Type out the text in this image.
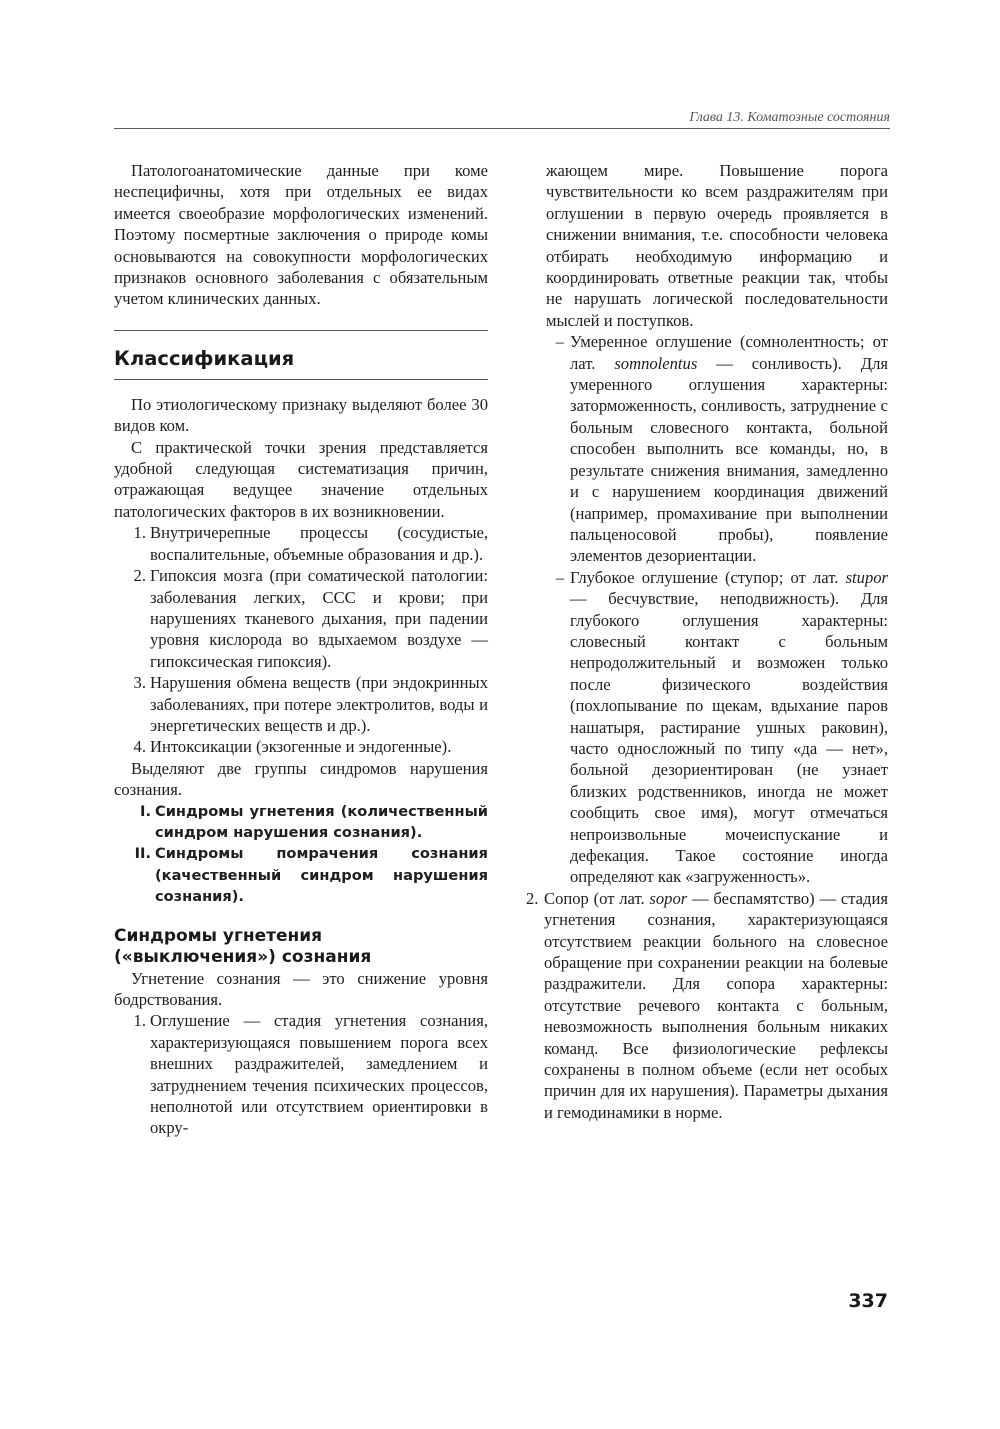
Глава 13. Коматозные состояния

Патологоанатомические данные при коме неспецифичны, хотя при отдельных ее видах имеется своеобразие морфологических изменений. Поэтому посмертные заключения о природе комы основываются на совокупности морфологических признаков основного заболевания с обязательным учетом клинических данных.

Классификация

По этиологическому признаку выделяют более 30 видов ком.

С практической точки зрения представляется удобной следующая систематизация причин, отражающая ведущее значение отдельных патологических факторов в их возникновении.

1. Внутричерепные процессы (сосудистые, воспалительные, объемные образования и др.).
2. Гипоксия мозга (при соматической патологии: заболевания легких, ССС и крови; при нарушениях тканевого дыхания, при падении уровня кислорода во вдыхаемом воздухе — гипоксическая гипоксия).
3. Нарушения обмена веществ (при эндокринных заболеваниях, при потере электролитов, воды и энергетических веществ и др.).
4. Интоксикации (экзогенные и эндогенные).

Выделяют две группы синдромов нарушения сознания.

I. Синдромы угнетения (количественный синдром нарушения сознания).
II. Синдромы помрачения сознания (качественный синдром нарушения сознания).
Синдромы угнетения
(«выключения») сознания

Угнетение сознания — это снижение уровня бодрствования.

1. Оглушение — стадия угнетения сознания, характеризующаяся повышением порога всех внешних раздражителей, замедлением и затруднением течения психических процессов, неполнотой или отсутствием ориентировки в окру-

жающем мире. Повышение порога чувствительности ко всем раздражителям при оглушении в первую очередь проявляется в снижении внимания, т.е. способности человека отбирать необходимую информацию и координировать ответные реакции так, чтобы не нарушать логической последовательности мыслей и поступков.

– Умеренное оглушение (сомнолентность; от лат. somnolentus — сонливость). Для умеренного оглушения характерны: заторможенность, сонливость, затруднение с больным словесного контакта, больной способен выполнить все команды, но, в результате снижения внимания, замедленно и с нарушением координация движений (например, промахивание при выполнении пальценосовой пробы), появление элементов дезориентации.
– Глубокое оглушение (ступор; от лат. stupor — бесчувствие, неподвижность). Для глубокого оглушения характерны: словесный контакт с больным непродолжительный и возможен только после физического воздействия (похлопывание по щекам, вдыхание паров нашатыря, растирание ушных раковин), часто односложный по типу «да — нет», больной дезориентирован (не узнает близких родственников, иногда не может сообщить свое имя), могут отмечаться непроизвольные мочеиспускание и дефекация. Такое состояние иногда определяют как «загруженность».
2. Сопор (от лат. sopor — беспамятство) — стадия угнетения сознания, характеризующаяся отсутствием реакции больного на словесное обращение при сохранении реакции на болевые раздражители. Для сопора характерны: отсутствие речевого контакта с больным, невозможность выполнения больным никаких команд. Все физиологические рефлексы сохранены в полном объеме (если нет особых причин для их нарушения). Параметры дыхания и гемодинамики в норме.
337
